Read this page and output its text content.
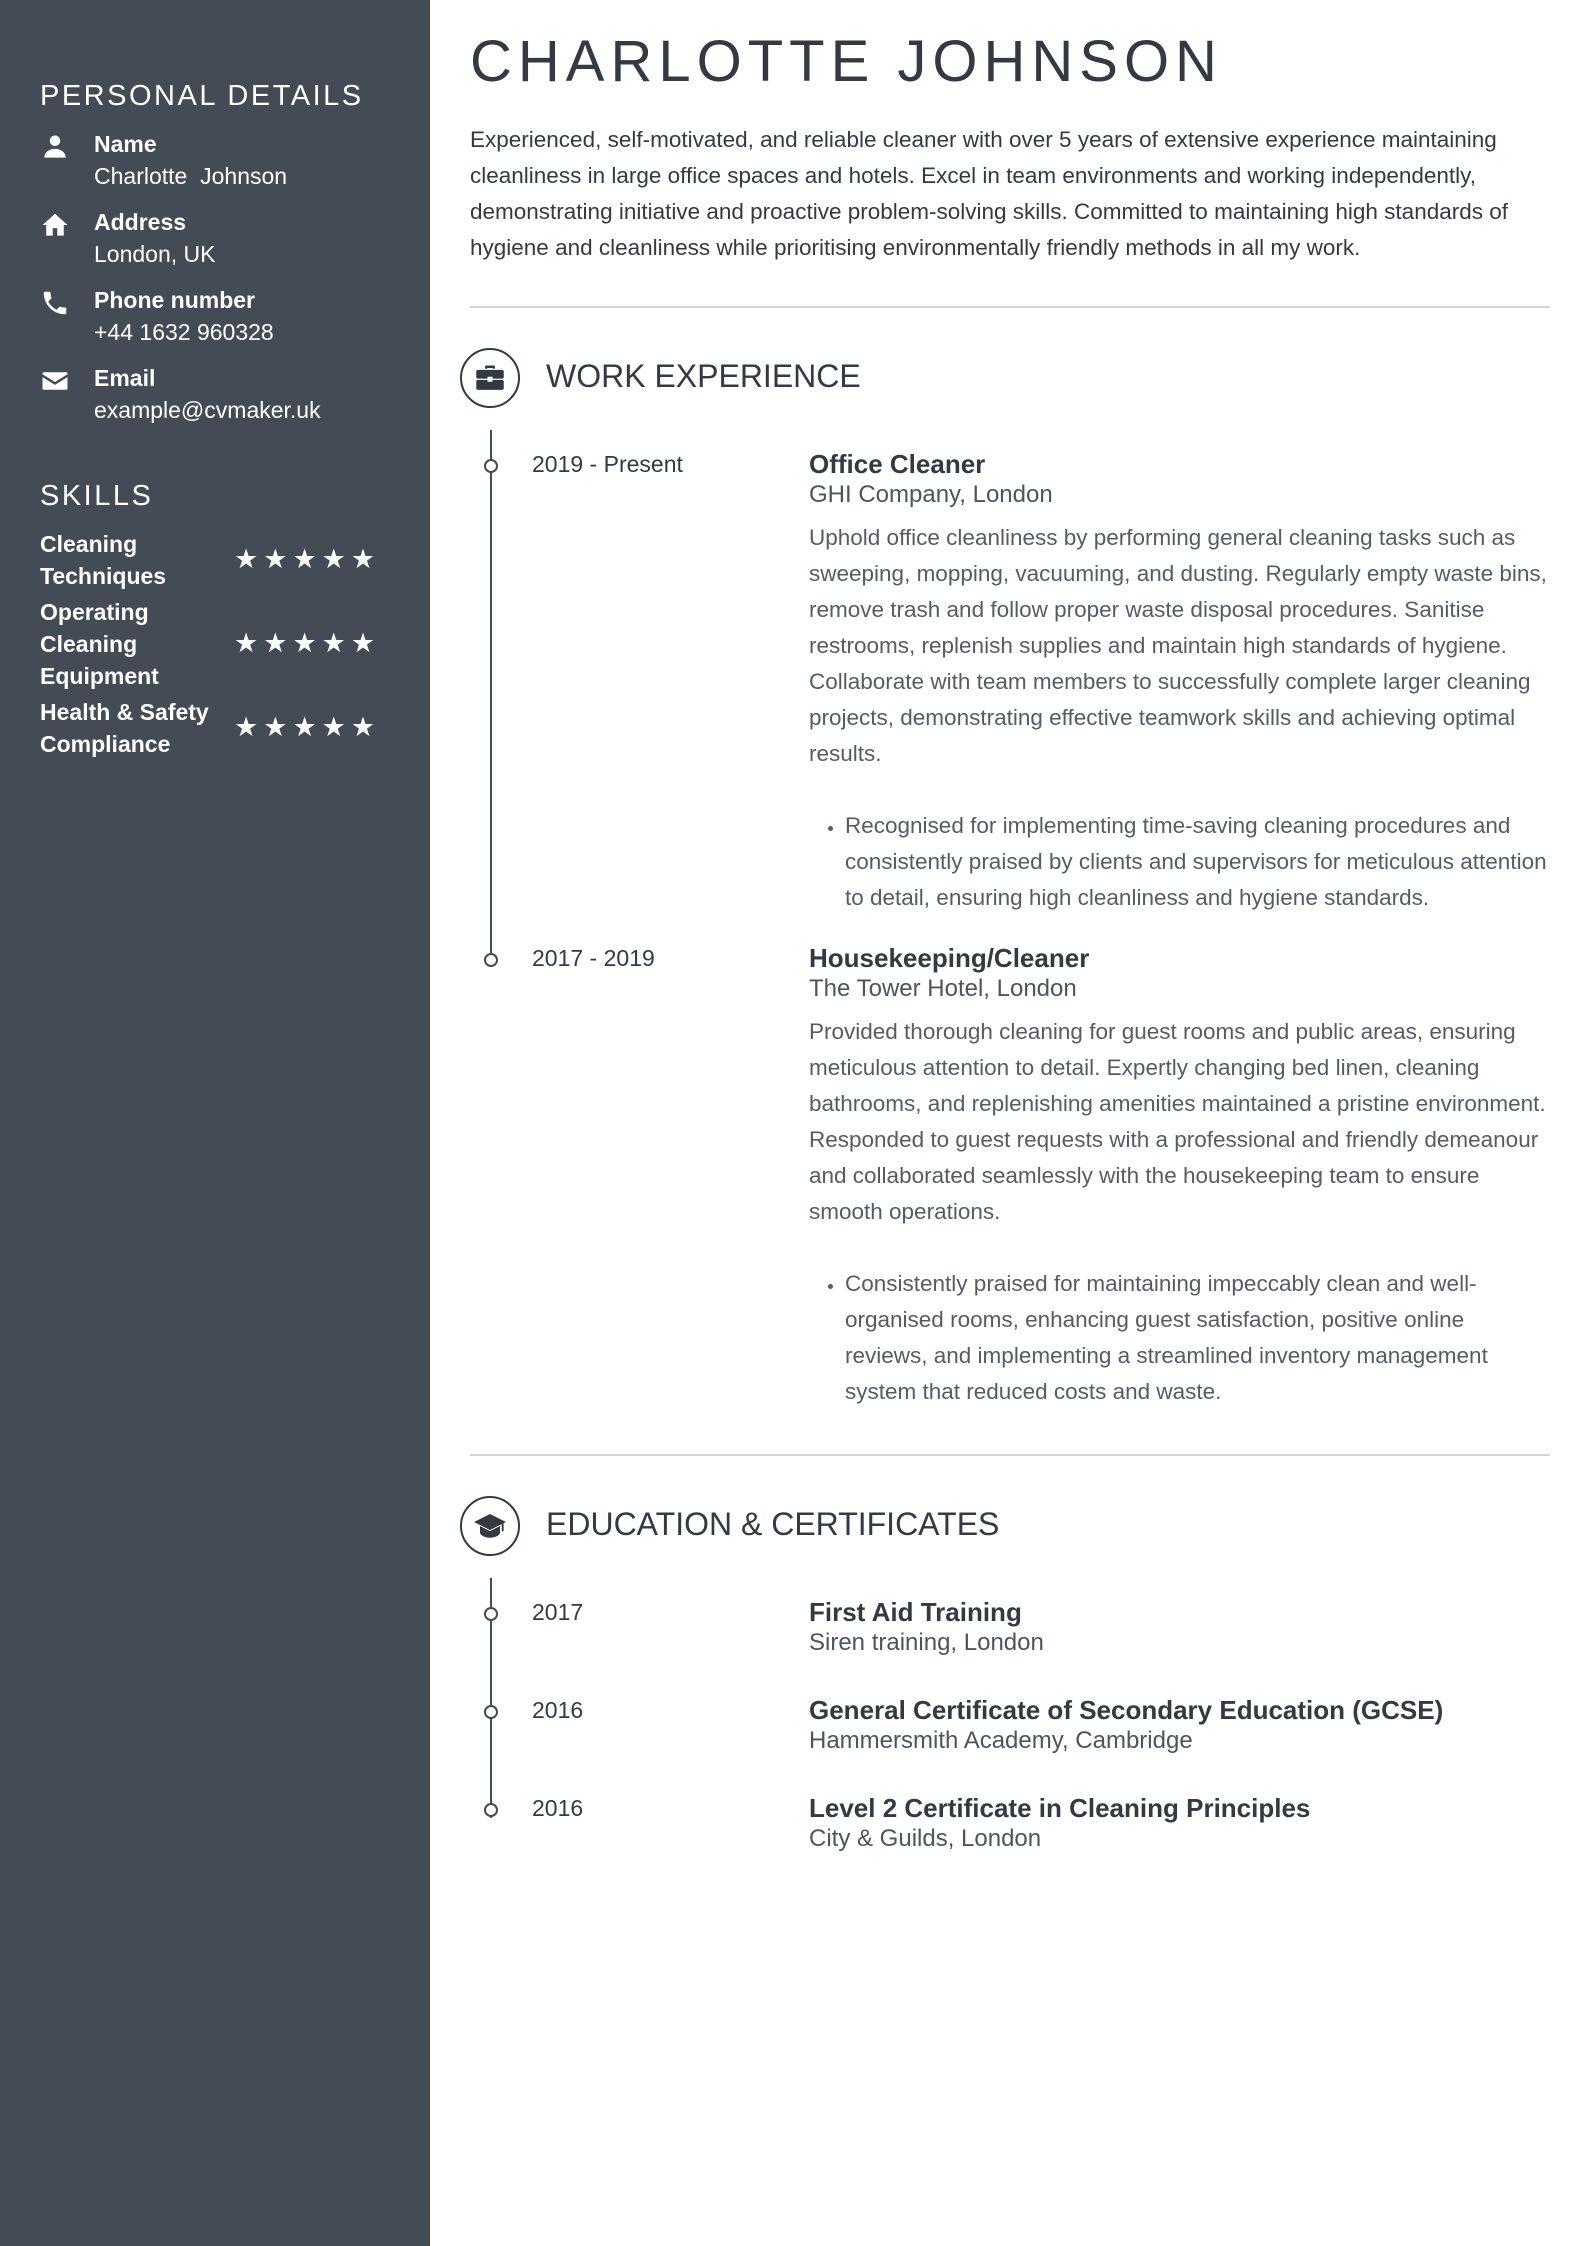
PERSONAL DETAILS
Name
Charlotte  Johnson
Address
London, UK
Phone number
+44 1632 960328
Email
example@cvmaker.uk
SKILLS
Cleaning Techniques
★ ★ ★ ★ ★
Operating Cleaning Equipment
★ ★ ★ ★ ★
Health & Safety Compliance
★ ★ ★ ★ ★
CHARLOTTE JOHNSON

Experienced, self-motivated, and reliable cleaner with over 5 years of extensive experience maintaining cleanliness in large office spaces and hotels. Excel in team environments and working independently, demonstrating initiative and proactive problem-solving skills. Committed to maintaining high standards of hygiene and cleanliness while prioritising environmentally friendly methods in all my work.

WORK EXPERIENCE
2019 - Present	Office Cleaner
GHI Company, London

Uphold office cleanliness by performing general cleaning tasks such as sweeping, mopping, vacuuming, and dusting. Regularly empty waste bins, remove trash and follow proper waste disposal procedures. Sanitise restrooms, replenish supplies and maintain high standards of hygiene. Collaborate with team members to successfully complete larger cleaning projects, demonstrating effective teamwork skills and achieving optimal results.

• Recognised for implementing time-saving cleaning procedures and consistently praised by clients and supervisors for meticulous attention to detail, ensuring high cleanliness and hygiene standards.
2017 - 2019	Housekeeping/Cleaner
The Tower Hotel, London

Provided thorough cleaning for guest rooms and public areas, ensuring meticulous attention to detail. Expertly changing bed linen, cleaning bathrooms, and replenishing amenities maintained a pristine environment. Responded to guest requests with a professional and friendly demeanour and collaborated seamlessly with the housekeeping team to ensure smooth operations.

• Consistently praised for maintaining impeccably clean and well-organised rooms, enhancing guest satisfaction, positive online reviews, and implementing a streamlined inventory management system that reduced costs and waste.
EDUCATION & CERTIFICATES
2017	First Aid Training
Siren training, London
2016	General Certificate of Secondary Education (GCSE)
Hammersmith Academy, Cambridge
2016	Level 2 Certificate in Cleaning Principles
City & Guilds, London
